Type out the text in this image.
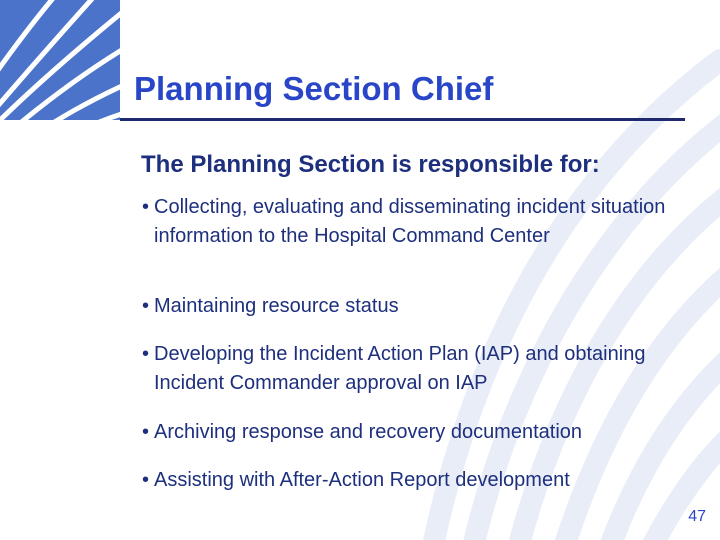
Planning Section Chief
The Planning Section is responsible for:

• Collecting, evaluating and disseminating incident situation information to the Hospital Command Center

• Maintaining resource status

• Developing the Incident Action Plan (IAP) and obtaining Incident Commander approval on IAP

• Archiving response and recovery documentation

• Assisting with After-Action Report development

47
